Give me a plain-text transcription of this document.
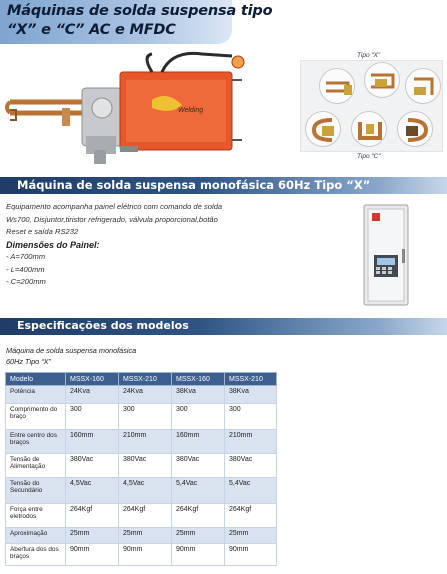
Máquinas de solda suspensa tipo
“X” e “C” AC e MFDC
Welding
Tipo “X”
Tipo “C”
Máquina de solda suspensa monofásica 60Hz Tipo “X”
Equipamento acompanha painel elétrico com comando de solda
Ws700, Disjuntor,tiristor refrigerado, válvula proporcional,botão
Reset e saída RS232
Dimensões do Painel:
- A=700mm
- L=400mm
- C=200mm
Especificações dos modelos
Máquina de solda suspensa monofásica
60Hz Tipo “X”
Modelo	MSSX-160	MSSX-210	MSSX-160	MSSX-210
Potência	24Kva	24Kva	38Kva	38Kva
Comprimento do braço	300	300	300	300
Entre centro dos braços	160mm	210mm	160mm	210mm
Tensão de Alimentação	380Vac	380Vac	380Vac	380Vac
Tensão do Secundário	4,5Vac	4,5Vac	5,4Vac	5,4Vac
Força entre eletrodos	264Kgf	264Kgf	264Kgf	264Kgf
Aproximação	25mm	25mm	25mm	25mm
Abertura dos dos braços	90mm	90mm	90mm	90mm
